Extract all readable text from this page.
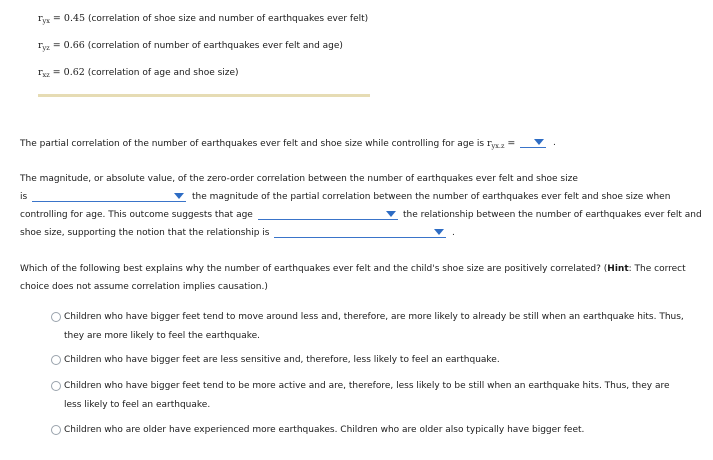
$r_{yx} = 0.45$ (correlation of shoe size and number of earthquakes ever felt)
$r_{yz} = 0.66$ (correlation of number of earthquakes ever felt and age)
$r_{xz} = 0.62$ (correlation of age and shoe size)
The partial correlation of the number of earthquakes ever felt and shoe size while controlling for age is $r_{yx.z}$ =	.
The magnitude, or absolute value, of the zero-order correlation between the number of earthquakes ever felt and shoe size
is	the magnitude of the partial correlation between the number of earthquakes ever felt and shoe size when
controlling for age. This outcome suggests that age	the relationship between the number of earthquakes ever felt and
shoe size, supporting the notion that the relationship is	.
Which of the following best explains why the number of earthquakes ever felt and the child's shoe size are positively correlated? (Hint: The correct
choice does not assume correlation implies causation.)
Children who have bigger feet tend to move around less and, therefore, are more likely to already be still when an earthquake hits. Thus,
they are more likely to feel the earthquake.
Children who have bigger feet are less sensitive and, therefore, less likely to feel an earthquake.
Children who have bigger feet tend to be more active and are, therefore, less likely to be still when an earthquake hits. Thus, they are
less likely to feel an earthquake.
Children who are older have experienced more earthquakes. Children who are older also typically have bigger feet.
